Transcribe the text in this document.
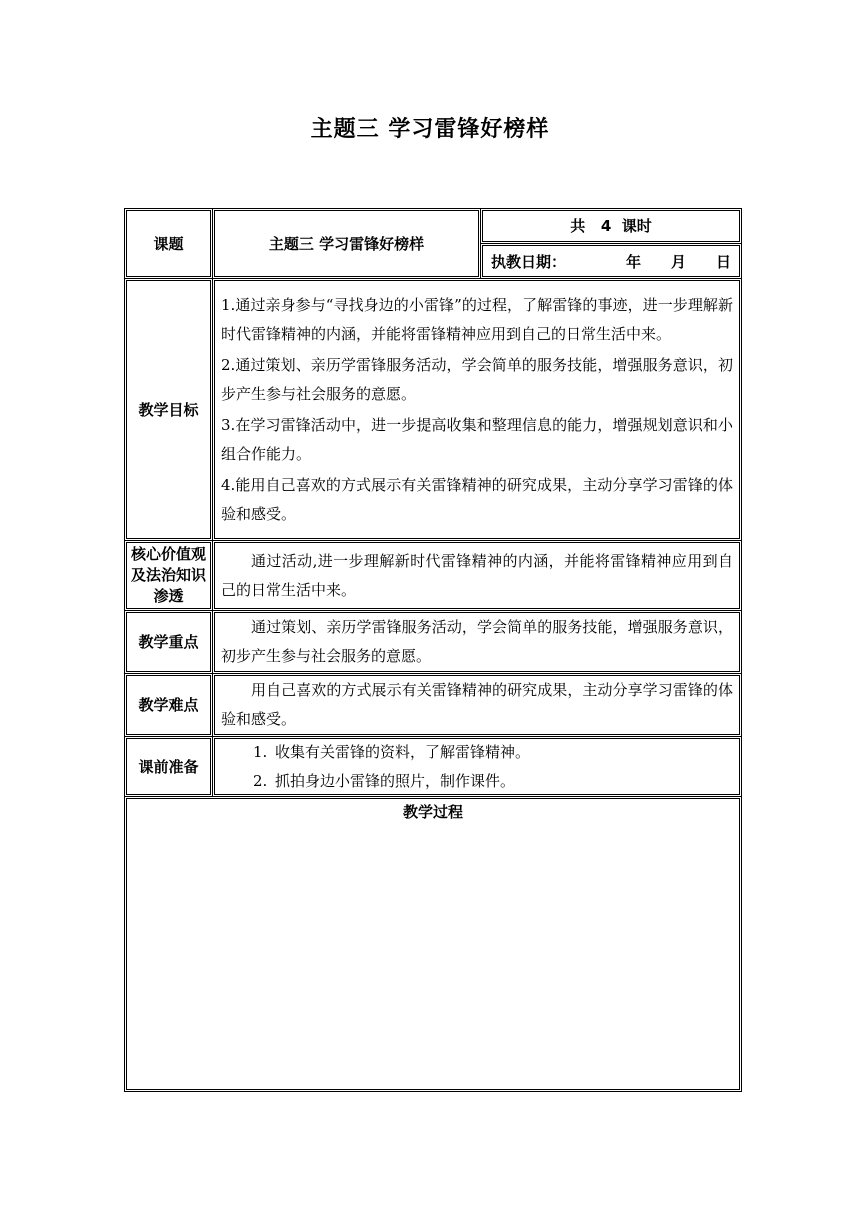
主题三 学习雷锋好榜样
课题	主题三 学习雷锋好榜样	共   4  课时

		执教日期： 年 月 日

教学目标	1.通过亲身参与“寻找身边的小雷锋”的过程，了解雷锋的事迹，进一步理解新时代雷锋精神的内涵，并能将雷锋精神应用到自己的日常生活中来。
2.通过策划、亲历学雷锋服务活动，学会简单的服务技能，增强服务意识，初步产生参与社会服务的意愿。
3.在学习雷锋活动中，进一步提高收集和整理信息的能力，增强规划意识和小组合作能力。
4.能用自己喜欢的方式展示有关雷锋精神的研究成果，主动分享学习雷锋的体验和感受。	

核心价值观及法治知识渗透	通过活动,进一步理解新时代雷锋精神的内涵，并能将雷锋精神应用到自己的日常生活中来。	

教学重点	通过策划、亲历学雷锋服务活动，学会简单的服务技能，增强服务意识，初步产生参与社会服务的意愿。	

教学难点	用自己喜欢的方式展示有关雷锋精神的研究成果，主动分享学习雷锋的体验和感受。	

课前准备	1. 收集有关雷锋的资料，了解雷锋精神。
2. 抓拍身边小雷锋的照片，制作课件。	

教学过程		
